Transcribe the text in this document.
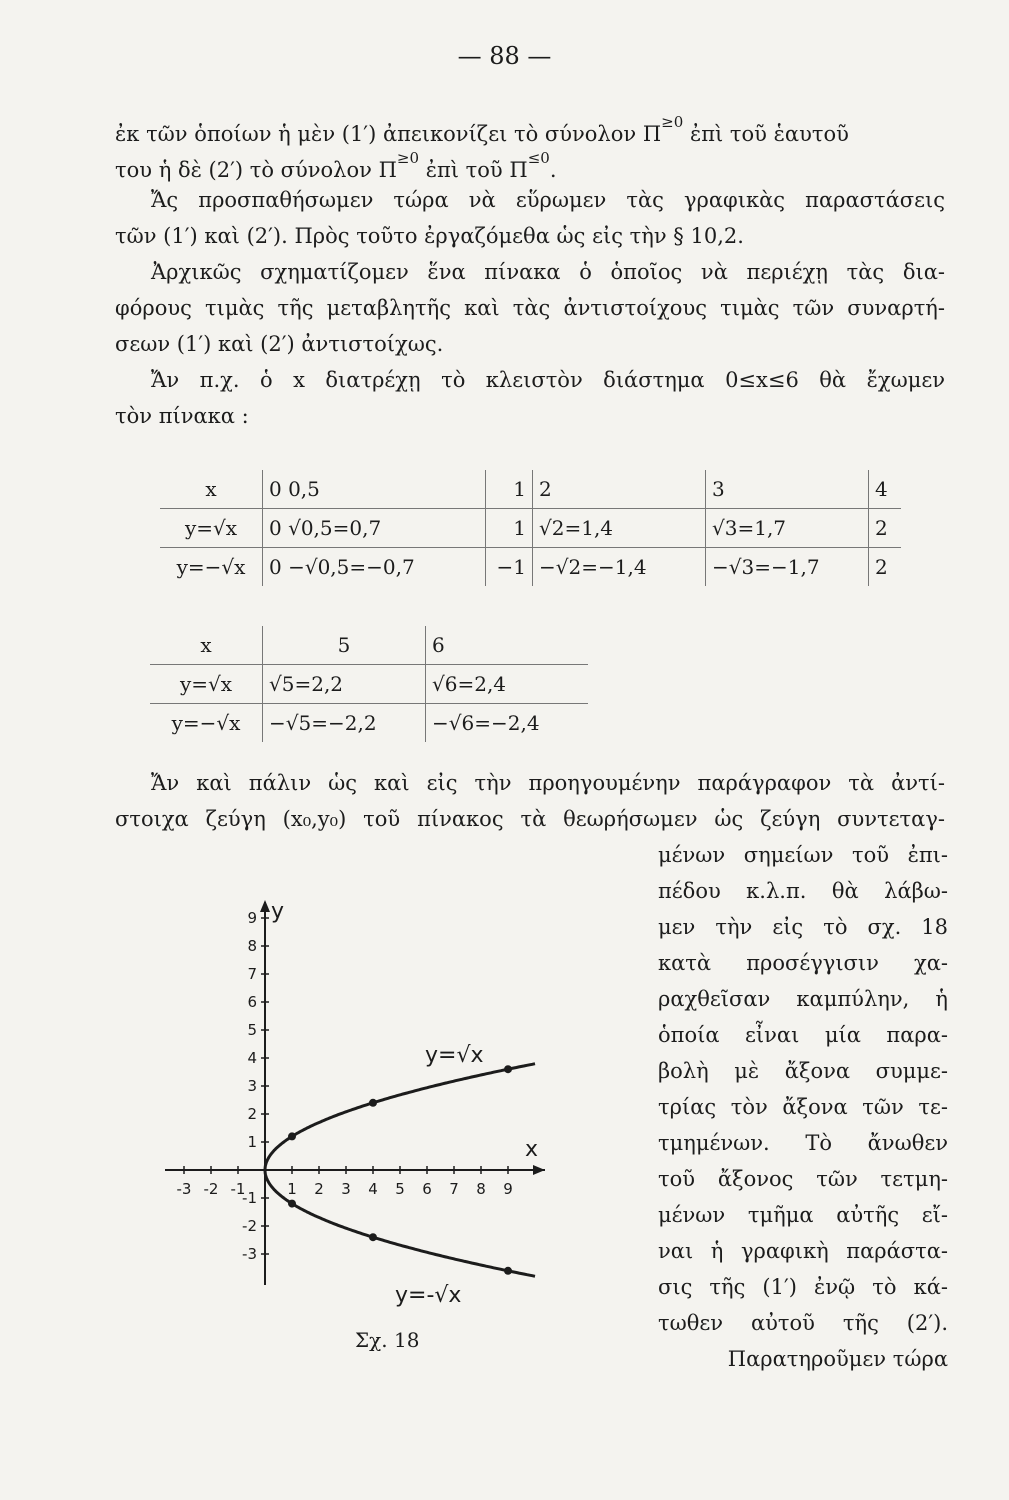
— 88 —
ἐκ τῶν ὁποίων ἡ μὲν (1′) ἀπεικονίζει τὸ σύνολον $\Pi^{\ge 0}$ ἐπὶ τοῦ ἑαυτοῦ
του ἡ δὲ (2′) τὸ σύνολον $\Pi^{\ge 0}$ ἐπὶ τοῦ $\Pi^{\le 0}$.
Ἄς προσπαθήσωμεν τώρα νὰ εὕρωμεν τὰς γραφικὰς παραστάσεις
τῶν (1′) καὶ (2′). Πρὸς τοῦτο ἐργαζόμεθα ὡς εἰς τὴν § 10,2.
Ἀρχικῶς σχηματίζομεν ἕνα πίνακα ὁ ὁποῖος νὰ περιέχῃ τὰς δια-
φόρους τιμὰς τῆς μεταβλητῆς καὶ τὰς ἀντιστοίχους τιμὰς τῶν συναρτή-
σεων (1′) καὶ (2′) ἀντιστοίχως.
Ἄν π.χ. ὁ x διατρέχῃ τὸ κλειστὸν διάστημα 0≤x≤6 θὰ ἔχωμεν
τὸν πίνακα :
x	0 0,5	1	2	3	4
y=√x	0 √0,5=0,7	1	√2=1,4	√3=1,7	2
y=−√x	0 −√0,5=−0,7	−1	−√2=−1,4	−√3=−1,7	2
x	5	6
y=√x	√5=2,2	√6=2,4
y=−√x	−√5=−2,2	−√6=−2,4
Ἄν καὶ πάλιν ὡς καὶ εἰς τὴν προηγουμένην παράγραφον τὰ ἀντί-
στοιχα ζεύγη (x₀,y₀) τοῦ πίνακος τὰ θεωρήσωμεν ὡς ζεύγη συντεταγ-
μένων σημείων τοῦ ἐπι-
πέδου κ.λ.π. θὰ λάβω-
μεν τὴν εἰς τὸ σχ. 18
κατὰ προσέγγισιν χα-
ραχθεῖσαν καμπύλην, ἡ
ὁποία εἶναι μία παρα-
βολὴ μὲ ἄξονα συμμε-
τρίας τὸν ἄξονα τῶν τε-
τμημένων. Τὸ ἄνωθεν
τοῦ ἄξονος τῶν τετμη-
μένων τμῆμα αὐτῆς εἴ-
ναι ἡ γραφικὴ παράστα-
σις τῆς (1′) ἐνῷ τὸ κά-
τωθεν αὐτοῦ τῆς (2′).
Παρατηροῦμεν τώρα
x
y
-3 -2 -1	1 2 3 4 5 6 7 8 9
1
2
3
4
5
6
7
8
9
-1
-2
-3
y=√x
y=-√x
Σχ. 18
